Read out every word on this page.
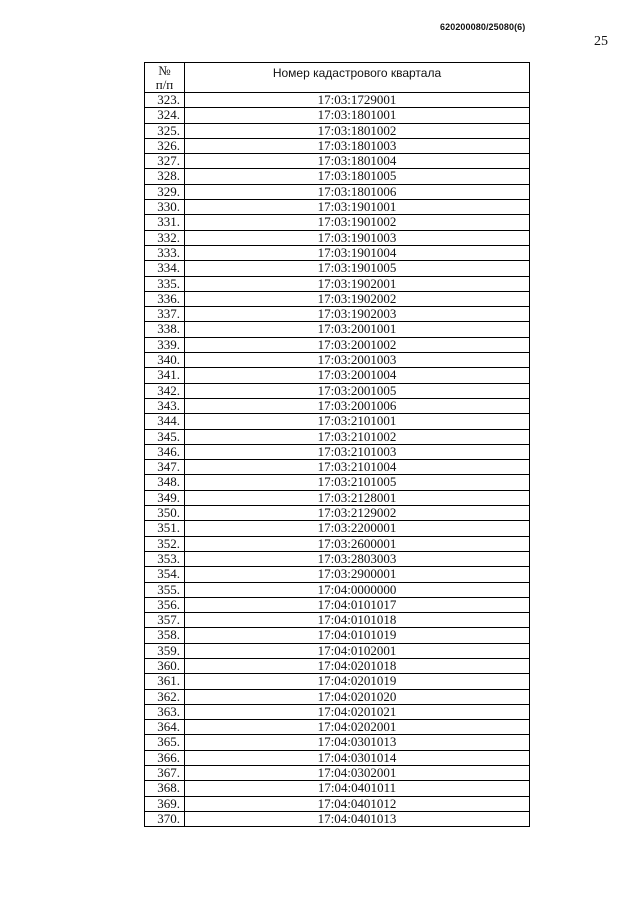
620200080/25080(6)
25
№
п/п	Номер кадастрового квартала
323.	17:03:1729001
324.	17:03:1801001
325.	17:03:1801002
326.	17:03:1801003
327.	17:03:1801004
328.	17:03:1801005
329.	17:03:1801006
330.	17:03:1901001
331.	17:03:1901002
332.	17:03:1901003
333.	17:03:1901004
334.	17:03:1901005
335.	17:03:1902001
336.	17:03:1902002
337.	17:03:1902003
338.	17:03:2001001
339.	17:03:2001002
340.	17:03:2001003
341.	17:03:2001004
342.	17:03:2001005
343.	17:03:2001006
344.	17:03:2101001
345.	17:03:2101002
346.	17:03:2101003
347.	17:03:2101004
348.	17:03:2101005
349.	17:03:2128001
350.	17:03:2129002
351.	17:03:2200001
352.	17:03:2600001
353.	17:03:2803003
354.	17:03:2900001
355.	17:04:0000000
356.	17:04:0101017
357.	17:04:0101018
358.	17:04:0101019
359.	17:04:0102001
360.	17:04:0201018
361.	17:04:0201019
362.	17:04:0201020
363.	17:04:0201021
364.	17:04:0202001
365.	17:04:0301013
366.	17:04:0301014
367.	17:04:0302001
368.	17:04:0401011
369.	17:04:0401012
370.	17:04:0401013
